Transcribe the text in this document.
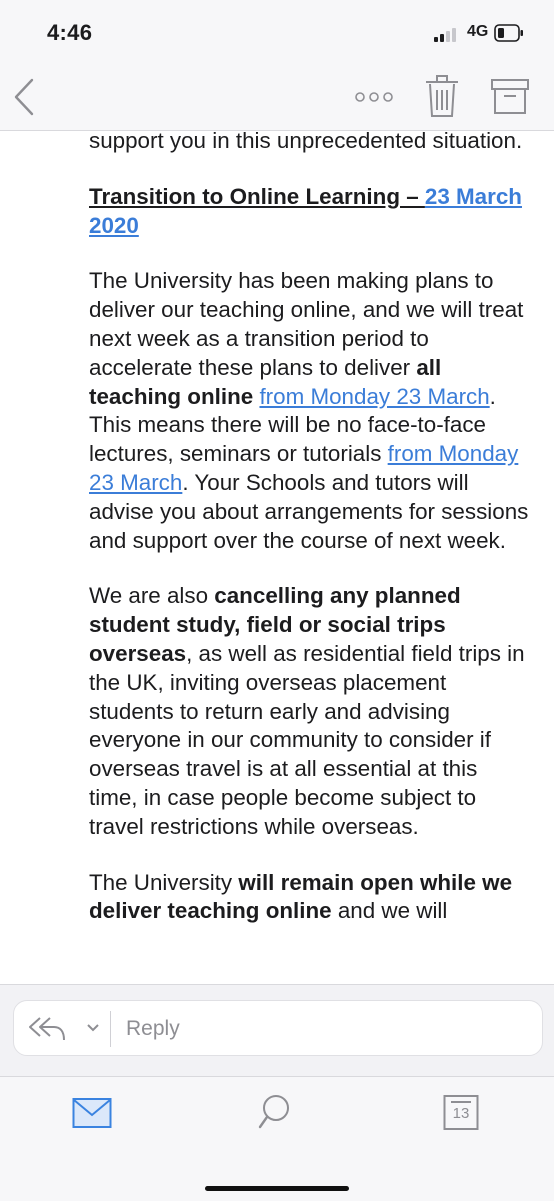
4:46	4G

support you in this unprecedented situation.

Transition to Online Learning – 23 March 2020

The University has been making plans to deliver our teaching online, and we will treat next week as a transition period to accelerate these plans to deliver all teaching online from Monday 23 March. This means there will be no face-to-face lectures, seminars or tutorials from Monday 23 March. Your Schools and tutors will advise you about arrangements for sessions and support over the course of next week.

We are also cancelling any planned student study, field or social trips overseas, as well as residential field trips in the UK, inviting overseas placement students to return early and advising everyone in our community to consider if overseas travel is at all essential at this time, in case people become subject to travel restrictions while overseas.

The University will remain open while we deliver teaching online and we will

Reply
13
